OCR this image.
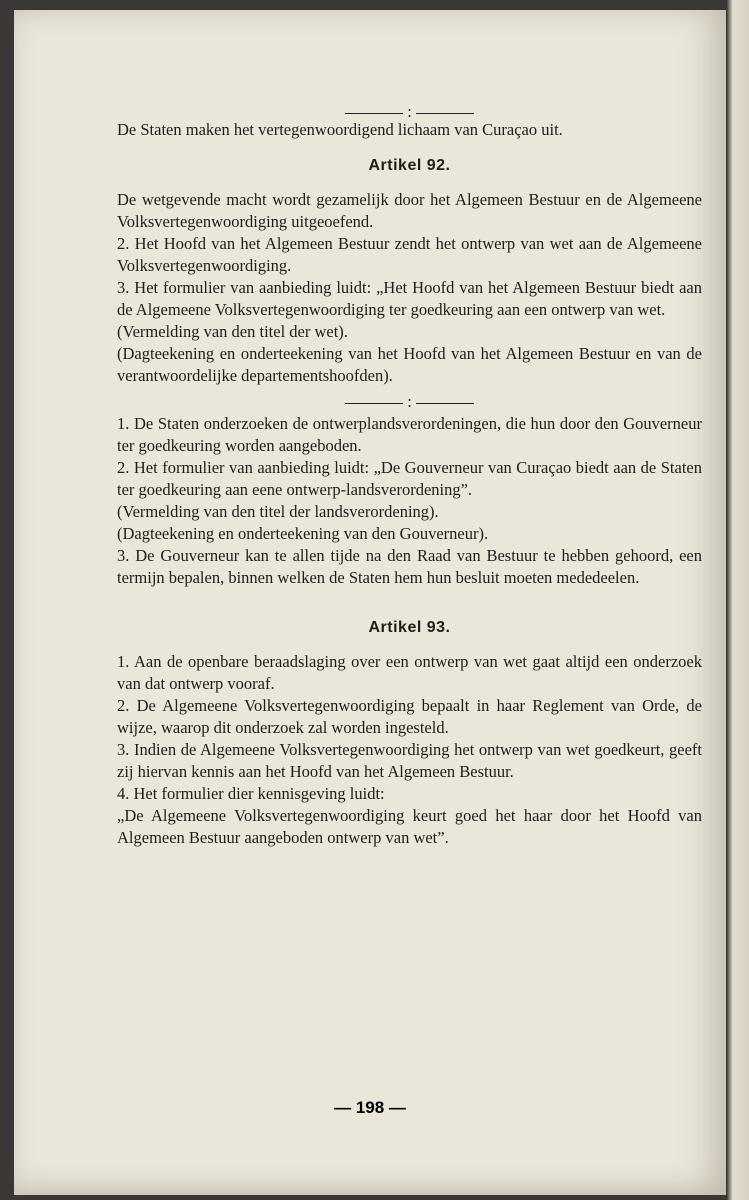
:

De Staten maken het vertegenwoordigend lichaam van Curaçao uit.

Artikel 92.

De wetgevende macht wordt gezamelijk door het Algemeen Bestuur en de Algemeene Volksvertegenwoordiging uitgeoefend.

2. Het Hoofd van het Algemeen Bestuur zendt het ontwerp van wet aan de Algemeene Volksvertegenwoordiging.

3. Het formulier van aanbieding luidt: „Het Hoofd van het Algemeen Bestuur biedt aan de Algemeene Volksvertegenwoordiging ter goedkeuring aan een ontwerp van wet.

(Vermelding van den titel der wet).

(Dagteekening en onderteekening van het Hoofd van het Algemeen Bestuur en van de verantwoordelijke departementshoofden).

:

1. De Staten onderzoeken de ontwerplandsverordeningen, die hun door den Gouverneur ter goedkeuring worden aangeboden.

2. Het formulier van aanbieding luidt: „De Gouverneur van Curaçao biedt aan de Staten ter goedkeuring aan eene ontwerp-landsverordening”.

(Vermelding van den titel der landsverordening).

(Dagteekening en onderteekening van den Gouverneur).

3. De Gouverneur kan te allen tijde na den Raad van Bestuur te hebben gehoord, een termijn bepalen, binnen welken de Staten hem hun besluit moeten mededeelen.

Artikel 93.

1. Aan de openbare beraadslaging over een ontwerp van wet gaat altijd een onderzoek van dat ontwerp vooraf.

2. De Algemeene Volksvertegenwoordiging bepaalt in haar Reglement van Orde, de wijze, waarop dit onderzoek zal worden ingesteld.

3. Indien de Algemeene Volksvertegenwoordiging het ontwerp van wet goedkeurt, geeft zij hiervan kennis aan het Hoofd van het Algemeen Bestuur.

4. Het formulier dier kennisgeving luidt:

„De Algemeene Volksvertegenwoordiging keurt goed het haar door het Hoofd van Algemeen Bestuur aangeboden ontwerp van wet”.

— 198 —
